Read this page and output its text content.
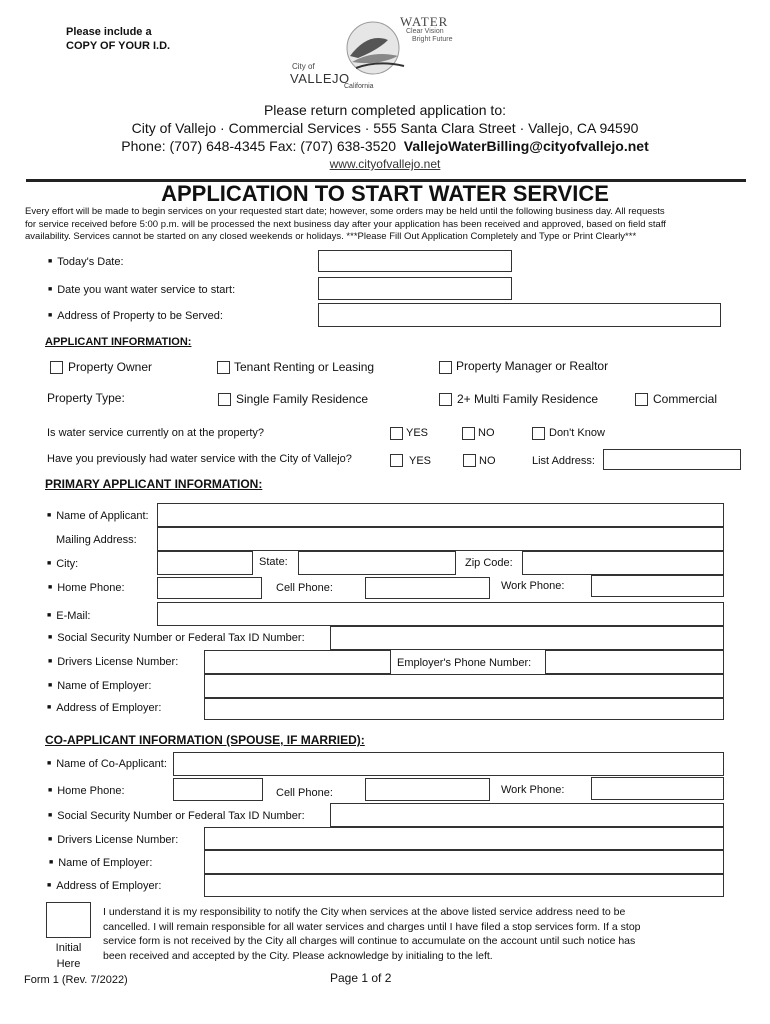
Please include a
COPY OF YOUR I.D.
WATER
Clear Vision
Bright Future
City of
VALLEJO
California
Please return completed application to:
City of Vallejo · Commercial Services · 555 Santa Clara Street · Vallejo, CA 94590
Phone: (707) 648-4345 Fax: (707) 638-3520 VallejoWaterBilling@cityofvallejo.net
www.cityofvallejo.net
APPLICATION TO START WATER SERVICE
Every effort will be made to begin services on your requested start date; however, some orders may be held until the following business day. All requests
for service received before 5:00 p.m. will be processed the next business day after your application has been received and approved, based on field staff
availability. Services cannot be started on any closed weekends or holidays. ***Please Fill Out Application Completely and Type or Print Clearly***
■ Today's Date:
■ Date you want water service to start:
■ Address of Property to be Served:
APPLICANT INFORMATION:
Property Owner	Tenant Renting or Leasing	Property Manager or Realtor
Property Type:	Single Family Residence	2+ Multi Family Residence	Commercial
Is water service currently on at the property?	YES	NO	Don't Know
Have you previously had water service with the City of Vallejo?	YES	NO	List Address:
PRIMARY APPLICANT INFORMATION:
■ Name of Applicant:
Mailing Address:
■ City:	State:	Zip Code:
■ Home Phone:	Cell Phone:	Work Phone:
■ E-Mail:
■ Social Security Number or Federal Tax ID Number:
■ Drivers License Number:	Employer's Phone Number:
■ Name of Employer:
■ Address of Employer:
CO-APPLICANT INFORMATION (SPOUSE, IF MARRIED):
■ Name of Co-Applicant:
■ Home Phone:	Cell Phone:	Work Phone:
■ Social Security Number or Federal Tax ID Number:
■ Drivers License Number:
■ Name of Employer:
■ Address of Employer:
Initial
Here
I understand it is my responsibility to notify the City when services at the above listed service address need to be
cancelled. I will remain responsible for all water services and charges until I have filed a stop services form. If a stop
service form is not received by the City all charges will continue to accumulate on the account until such notice has
been received and accepted by the City. Please acknowledge by initialing to the left.
Form 1 (Rev. 7/2022)	Page 1 of 2
